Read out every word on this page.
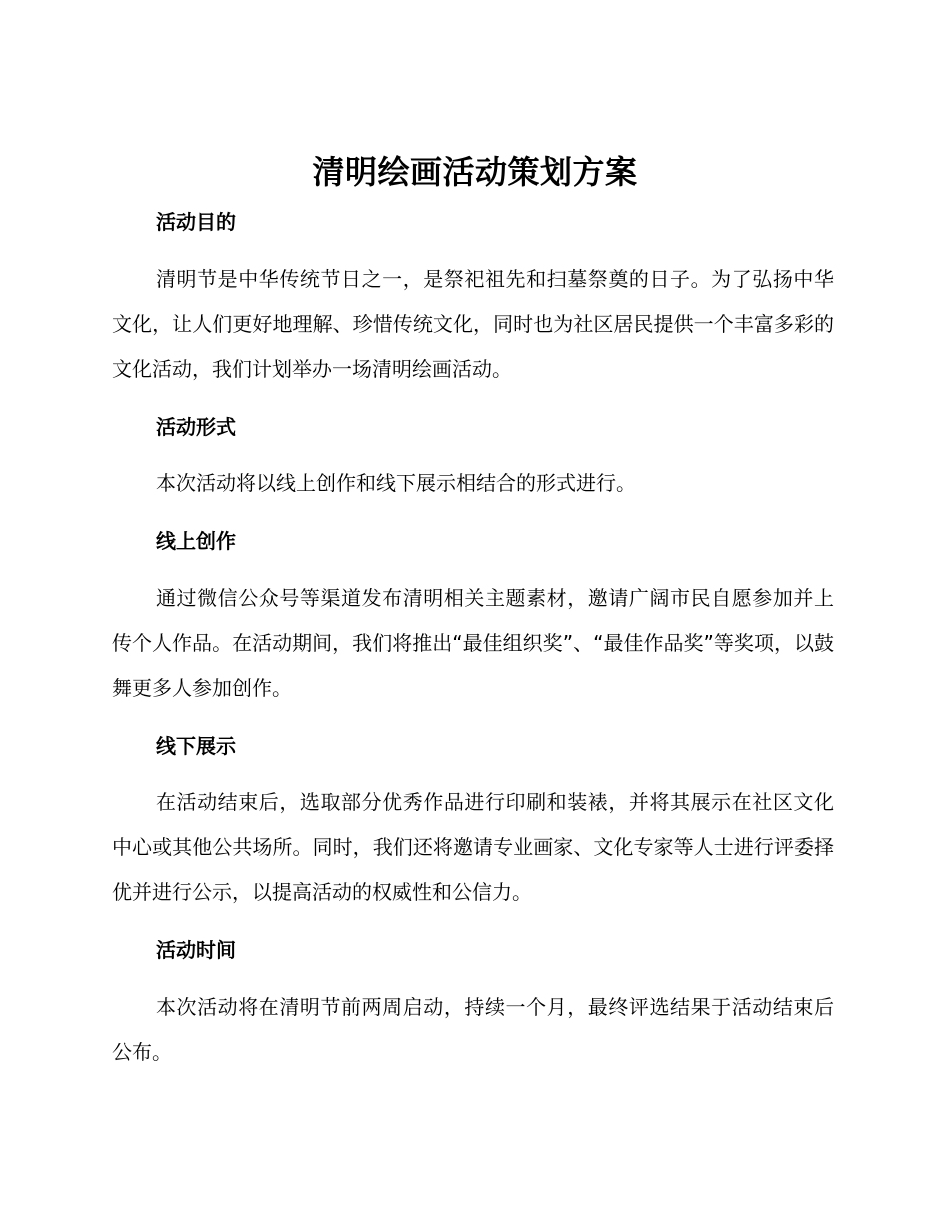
清明绘画活动策划方案
活动目的

清明节是中华传统节日之一，是祭祀祖先和扫墓祭奠的日子。为了弘扬中华文化，让人们更好地理解、珍惜传统文化，同时也为社区居民提供一个丰富多彩的文化活动，我们计划举办一场清明绘画活动。

活动形式

本次活动将以线上创作和线下展示相结合的形式进行。

线上创作

通过微信公众号等渠道发布清明相关主题素材，邀请广阔市民自愿参加并上传个人作品。在活动期间，我们将推出“最佳组织奖”、“最佳作品奖”等奖项，以鼓舞更多人参加创作。

线下展示

在活动结束后，选取部分优秀作品进行印刷和装裱，并将其展示在社区文化中心或其他公共场所。同时，我们还将邀请专业画家、文化专家等人士进行评委择优并进行公示，以提高活动的权威性和公信力。

活动时间

本次活动将在清明节前两周启动，持续一个月，最终评选结果于活动结束后公布。
